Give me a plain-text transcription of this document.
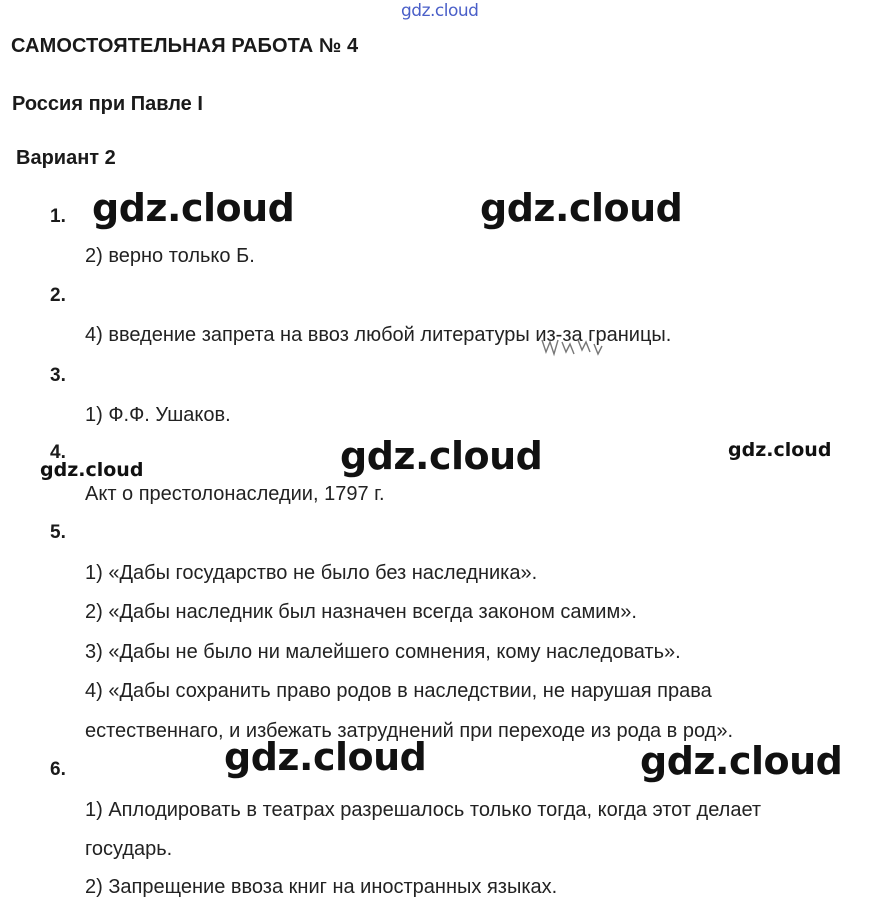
gdz.cloud
САМОСТОЯТЕЛЬНАЯ РАБОТА № 4
Россия при Павле I
Вариант 2
1.
2) верно только Б.
2.
4) введение запрета на ввоз любой литературы из-за границы.
3.
1) Ф.Ф. Ушаков.
4.
Акт о престолонаследии, 1797 г.
5.
1) «Дабы государство не было без наследника».
2) «Дабы наследник был назначен всегда законом самим».
3) «Дабы не было ни малейшего сомнения, кому наследовать».
4) «Дабы сохранить право родов в наследствии, не нарушая права
естественнаго, и избежать затруднений при переходе из рода в род».
6.
1) Аплодировать в театрах разрешалось только тогда, когда этот делает
государь.
2) Запрещение ввоза книг на иностранных языках.
gdz.cloud	gdz.cloud
gdz.cloud	gdz.cloud	gdz.cloud
gdz.cloud	gdz.cloud
